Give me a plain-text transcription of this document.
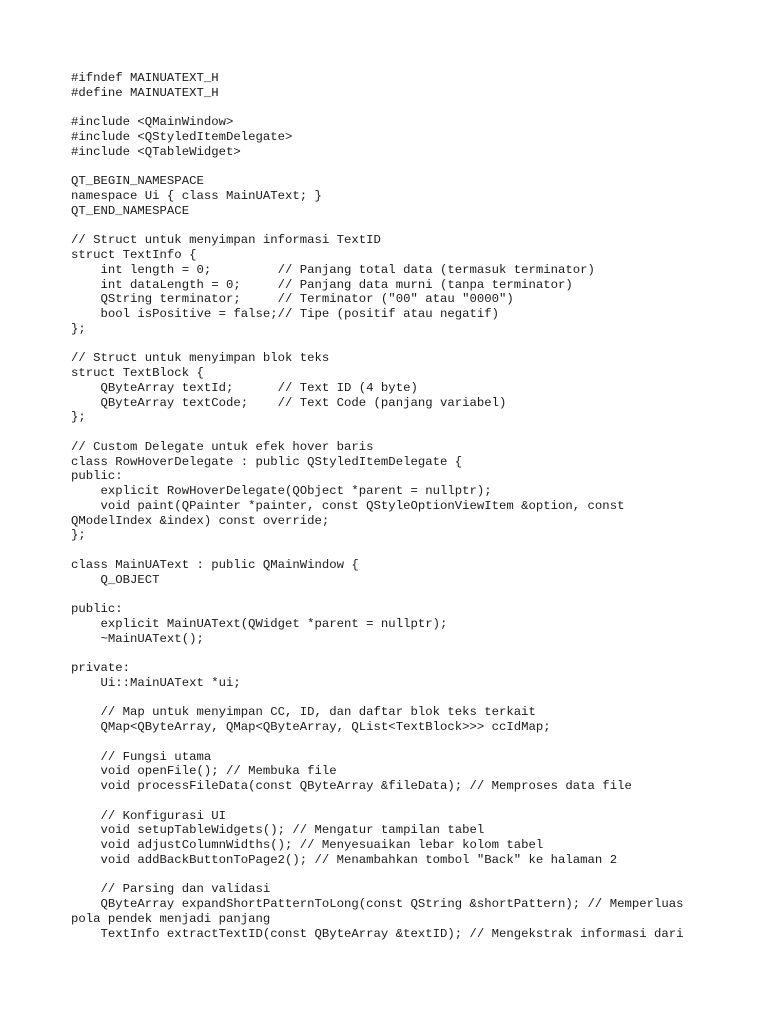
#ifndef MAINUATEXT_H
#define MAINUATEXT_H
#include <QMainWindow>
#include <QStyledItemDelegate>
#include <QTableWidget>
QT_BEGIN_NAMESPACE
namespace Ui { class MainUAText; }
QT_END_NAMESPACE
// Struct untuk menyimpan informasi TextID
struct TextInfo {
int length = 0;         // Panjang total data (termasuk terminator)
int dataLength = 0;     // Panjang data murni (tanpa terminator)
QString terminator;     // Terminator ("00" atau "0000")
bool isPositive = false;// Tipe (positif atau negatif)
};
// Struct untuk menyimpan blok teks
struct TextBlock {
QByteArray textId;      // Text ID (4 byte)
QByteArray textCode;    // Text Code (panjang variabel)
};
// Custom Delegate untuk efek hover baris
class RowHoverDelegate : public QStyledItemDelegate {
public:
explicit RowHoverDelegate(QObject *parent = nullptr);
void paint(QPainter *painter, const QStyleOptionViewItem &option, const
QModelIndex &index) const override;
};
class MainUAText : public QMainWindow {
Q_OBJECT
public:
explicit MainUAText(QWidget *parent = nullptr);
~MainUAText();
private:
Ui::MainUAText *ui;
// Map untuk menyimpan CC, ID, dan daftar blok teks terkait
QMap<QByteArray, QMap<QByteArray, QList<TextBlock>>> ccIdMap;
// Fungsi utama
void openFile(); // Membuka file
void processFileData(const QByteArray &fileData); // Memproses data file
// Konfigurasi UI
void setupTableWidgets(); // Mengatur tampilan tabel
void adjustColumnWidths(); // Menyesuaikan lebar kolom tabel
void addBackButtonToPage2(); // Menambahkan tombol "Back" ke halaman 2
// Parsing dan validasi
QByteArray expandShortPatternToLong(const QString &shortPattern); // Memperluas
pola pendek menjadi panjang
TextInfo extractTextID(const QByteArray &textID); // Mengekstrak informasi dari
